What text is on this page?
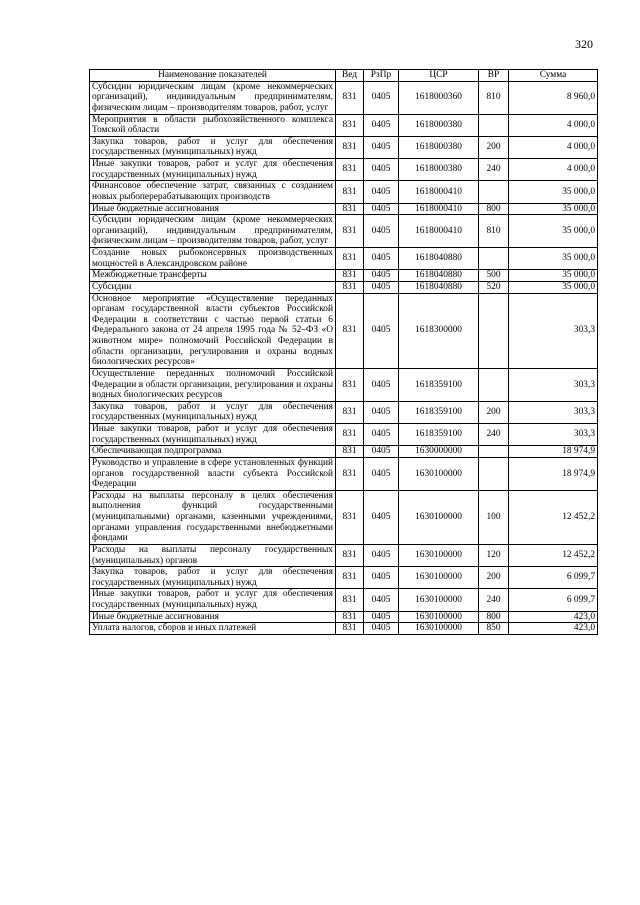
320
Наименование показателей	Вед	РзПр	ЦСР	ВР	Сумма
Субсидии юридическим лицам (кроме некоммерческих организаций), индивидуальным предпринимателям, физическим лицам – производителям товаров, работ, услуг	831	0405	1618000360	810	8 960,0
Мероприятия в области рыбохозяйственного комплекса Томской области	831	0405	1618000380		4 000,0
Закупка товаров, работ и услуг для обеспечения государственных (муниципальных) нужд	831	0405	1618000380	200	4 000,0
Иные закупки товаров, работ и услуг для обеспечения государственных (муниципальных) нужд	831	0405	1618000380	240	4 000,0
Финансовое обеспечение затрат, связанных с созданием новых рыбоперерабатывающих производств	831	0405	1618000410		35 000,0
Иные бюджетные ассигнования	831	0405	1618000410	800	35 000,0
Субсидии юридическим лицам (кроме некоммерческих организаций), индивидуальным предпринимателям, физическим лицам – производителям товаров, работ, услуг	831	0405	1618000410	810	35 000,0
Создание новых рыбоконсервных производственных мощностей в Александровском районе	831	0405	1618040880		35 000,0
Межбюджетные трансферты	831	0405	1618040880	500	35 000,0
Субсидии	831	0405	1618040880	520	35 000,0
Основное мероприятие «Осуществление переданных органам государственной власти субъектов Российской Федерации в соответствии с частью первой статьи 6 Федерального закона от 24 апреля 1995 года № 52–ФЗ «О животном мире» полномочий Российской Федерации в области организации, регулирования и охраны водных биологических ресурсов»	831	0405	1618300000		303,3
Осуществление переданных полномочий Российской Федерации в области организации, регулирования и охраны водных биологических ресурсов	831	0405	1618359100		303,3
Закупка товаров, работ и услуг для обеспечения государственных (муниципальных) нужд	831	0405	1618359100	200	303,3
Иные закупки товаров, работ и услуг для обеспечения государственных (муниципальных) нужд	831	0405	1618359100	240	303,3
Обеспечивающая подпрограмма	831	0405	1630000000		18 974,9
Руководство и управление в сфере установленных функций органов государственной власти субъекта Российской Федерации	831	0405	1630100000		18 974,9
Расходы на выплаты персоналу в целях обеспечения выполнения функций государственными (муниципальными) органами, казенными учреждениями, органами управления государственными внебюджетными фондами	831	0405	1630100000	100	12 452,2
Расходы на выплаты персоналу государственных (муниципальных) органов	831	0405	1630100000	120	12 452,2
Закупка товаров, работ и услуг для обеспечения государственных (муниципальных) нужд	831	0405	1630100000	200	6 099,7
Иные закупки товаров, работ и услуг для обеспечения государственных (муниципальных) нужд	831	0405	1630100000	240	6 099,7
Иные бюджетные ассигнования	831	0405	1630100000	800	423,0
Уплата налогов, сборов и иных платежей	831	0405	1630100000	850	423,0
